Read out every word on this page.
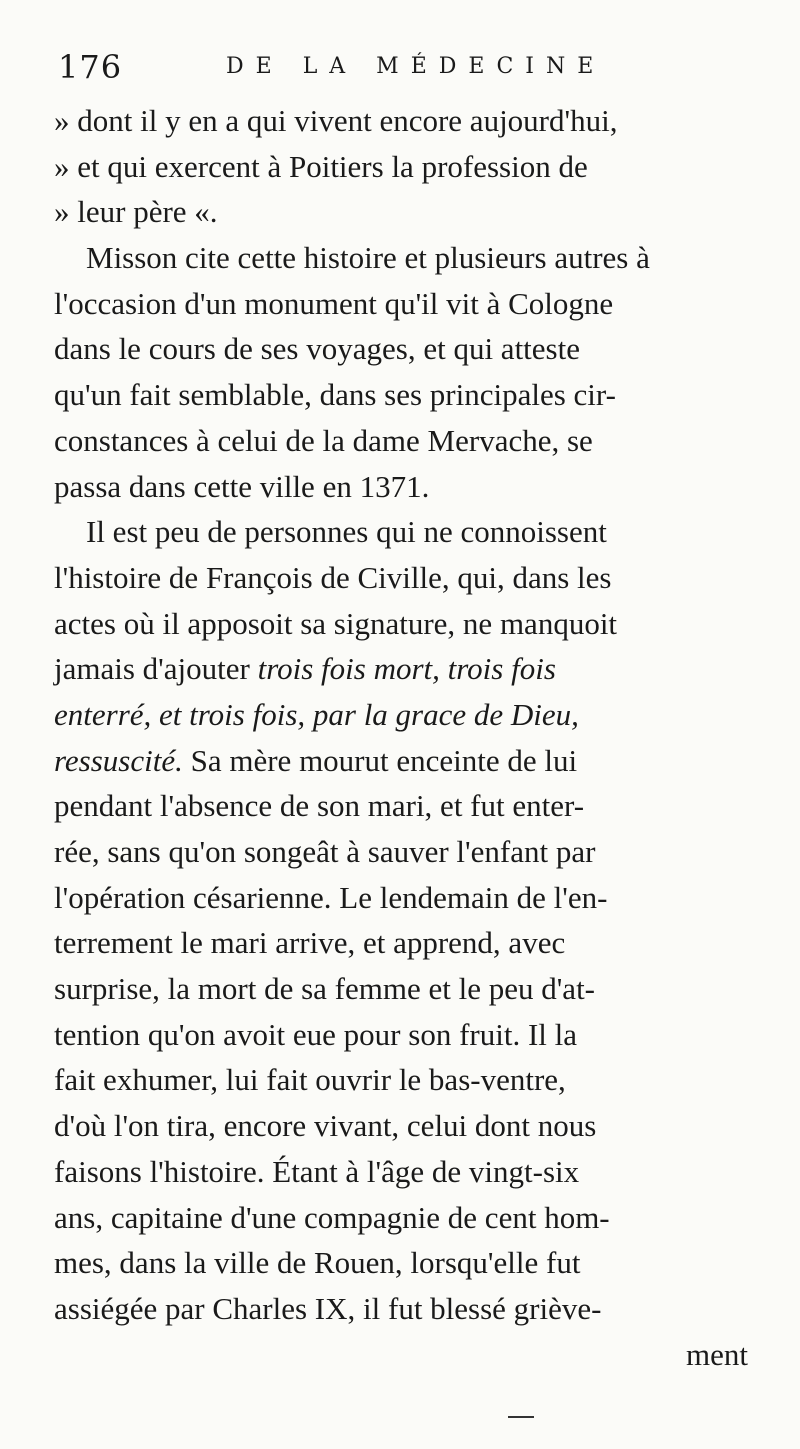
176	DE LA MÉDECINE
» dont il y en a qui vivent encore aujourd'hui,
» et qui exercent à Poitiers la profession de
» leur père «.
Misson cite cette histoire et plusieurs autres à
l'occasion d'un monument qu'il vit à Cologne
dans le cours de ses voyages, et qui atteste
qu'un fait semblable, dans ses principales cir-
constances à celui de la dame Mervache, se
passa dans cette ville en 1371.
Il est peu de personnes qui ne connoissent
l'histoire de François de Civille, qui, dans les
actes où il apposoit sa signature, ne manquoit
jamais d'ajouter trois fois mort, trois fois
enterré, et trois fois, par la grace de Dieu,
ressuscité. Sa mère mourut enceinte de lui
pendant l'absence de son mari, et fut enter-
rée, sans qu'on songeât à sauver l'enfant par
l'opération césarienne. Le lendemain de l'en-
terrement le mari arrive, et apprend, avec
surprise, la mort de sa femme et le peu d'at-
tention qu'on avoit eue pour son fruit. Il la
fait exhumer, lui fait ouvrir le bas-ventre,
d'où l'on tira, encore vivant, celui dont nous
faisons l'histoire. Étant à l'âge de vingt-six
ans, capitaine d'une compagnie de cent hom-
mes, dans la ville de Rouen, lorsqu'elle fut
assiégée par Charles IX, il fut blessé griève-
ment
